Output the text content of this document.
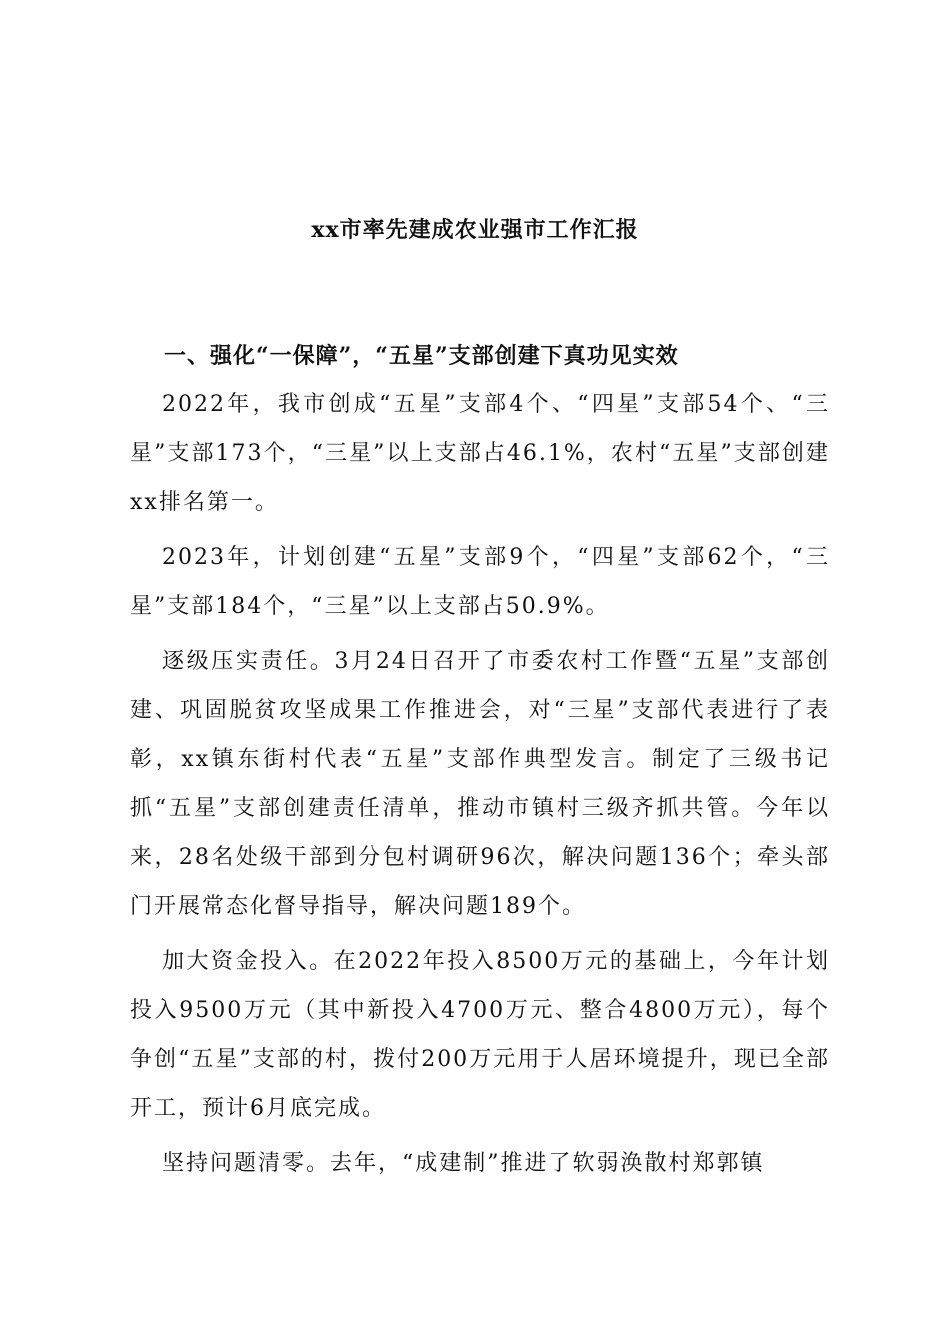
xx市率先建成农业强市工作汇报
一、强化“一保障”，“五星”支部创建下真功见实效

2022年，我市创成“五星”支部4个、“四星”支部54个、“三星”支部173个，“三星”以上支部占46.1%，农村“五星”支部创建xx排名第一。

2023年，计划创建“五星”支部9个，“四星”支部62个，“三星”支部184个，“三星”以上支部占50.9%。

逐级压实责任。3月24日召开了市委农村工作暨“五星”支部创建、巩固脱贫攻坚成果工作推进会，对“三星”支部代表进行了表彰，xx镇东街村代表“五星”支部作典型发言。制定了三级书记抓“五星”支部创建责任清单，推动市镇村三级齐抓共管。今年以来，28名处级干部到分包村调研96次，解决问题136个；牵头部门开展常态化督导指导，解决问题189个。

加大资金投入。在2022年投入8500万元的基础上，今年计划投入9500万元（其中新投入4700万元、整合4800万元），每个争创“五星”支部的村，拨付200万元用于人居环境提升，现已全部开工，预计6月底完成。

坚持问题清零。去年，“成建制”推进了软弱涣散村郑郭镇
